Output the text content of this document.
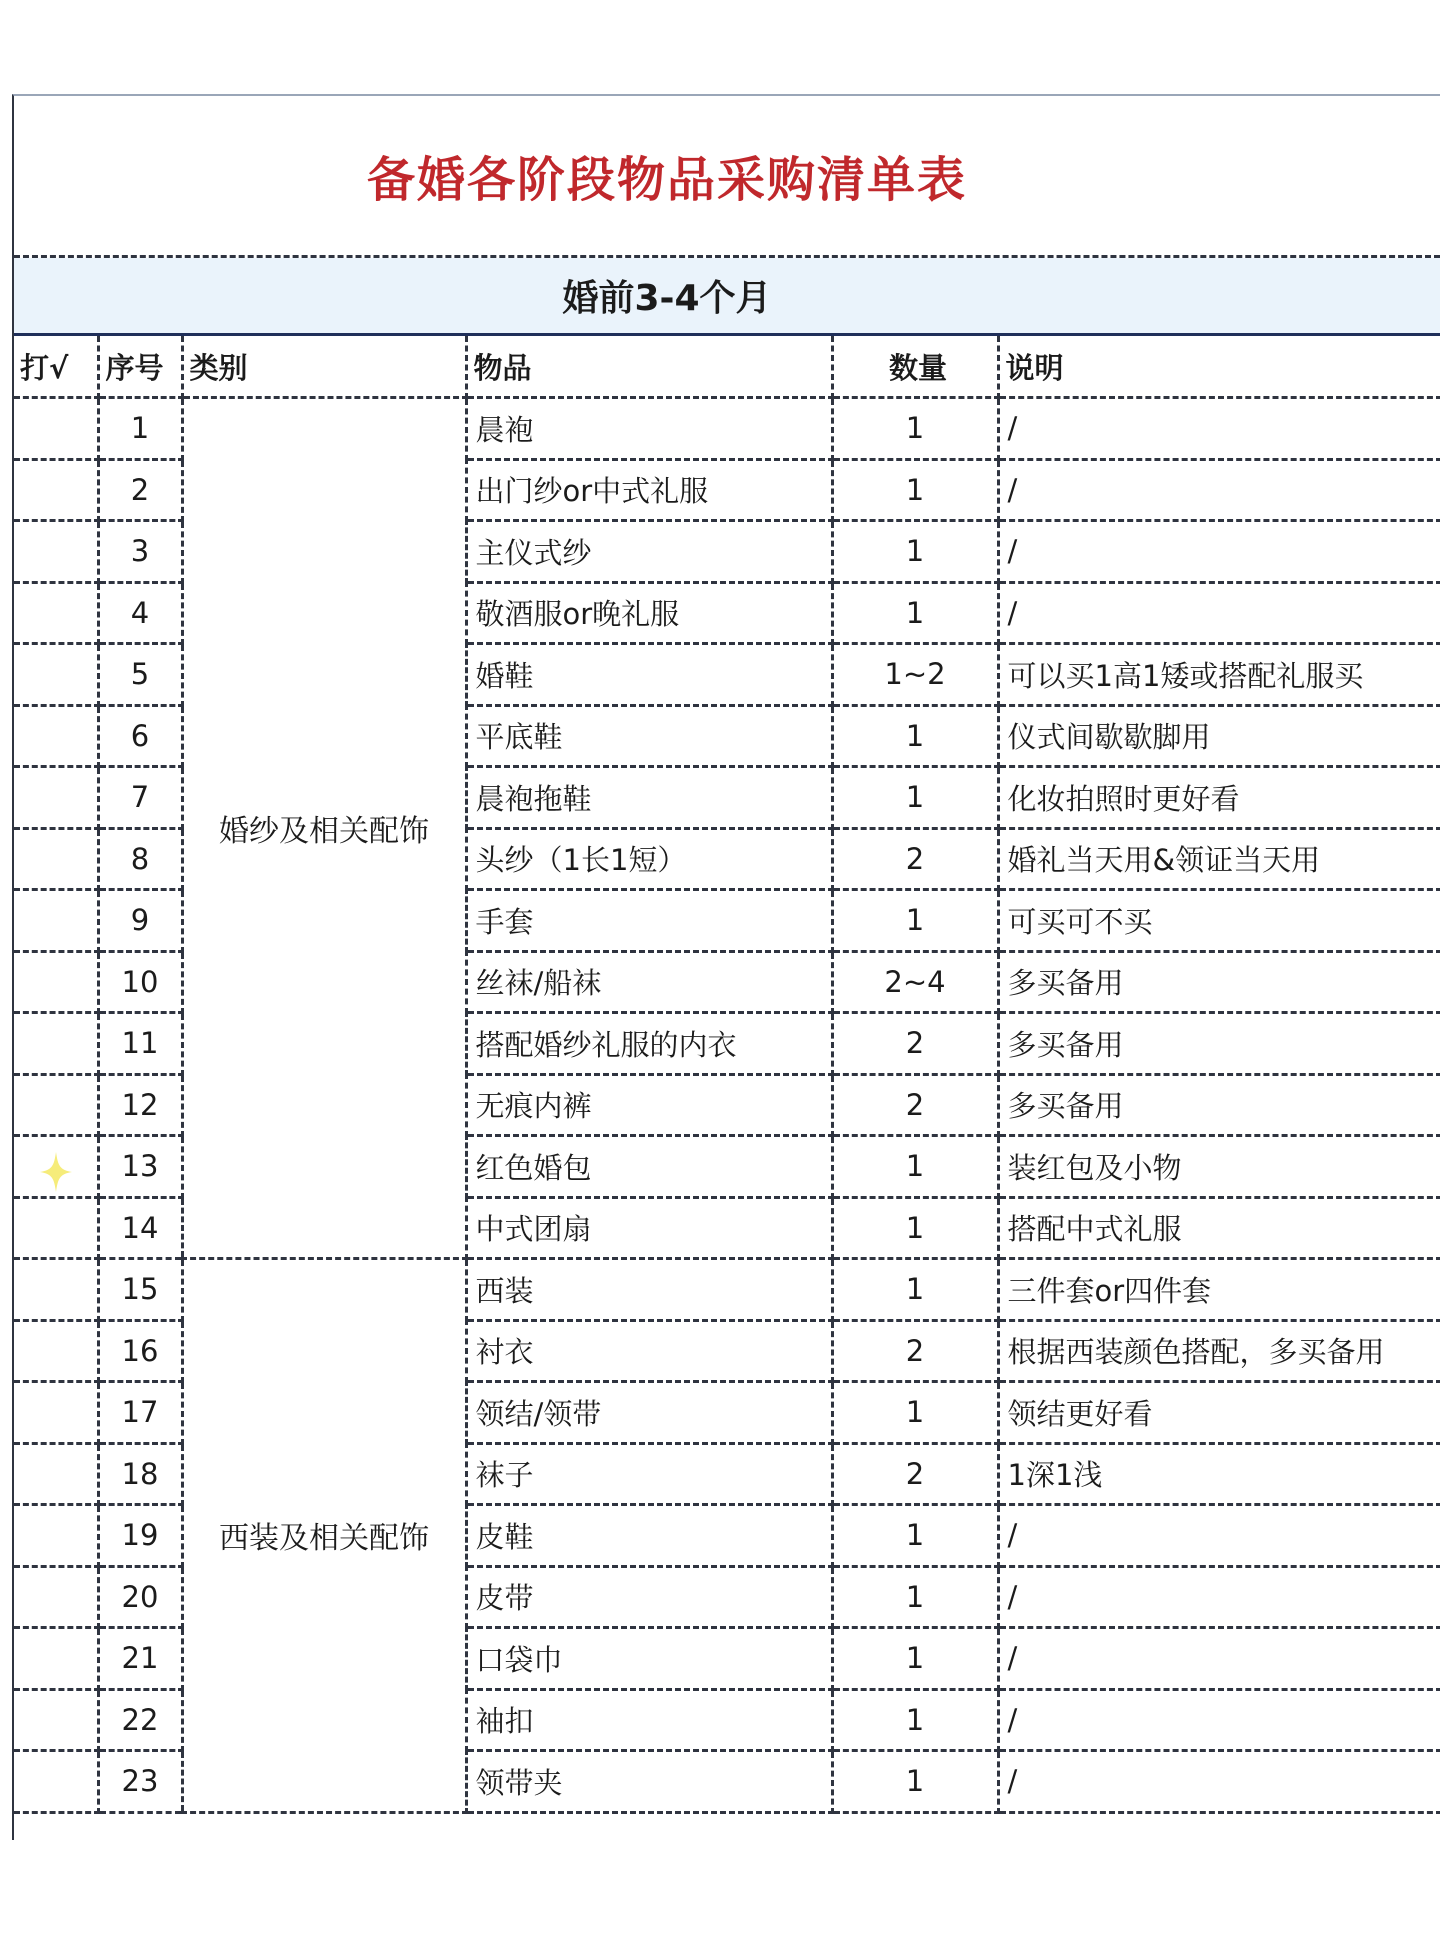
备婚各阶段物品采购清单表
婚前3-4个月
打√	序号	类别	物品	数量	说明
	1	婚纱及相关配饰	晨袍	1	/
	2		出门纱or中式礼服	1	/
	3		主仪式纱	1	/
	4		敬酒服or晚礼服	1	/
	5		婚鞋	1~2	可以买1高1矮或搭配礼服买
	6		平底鞋	1	仪式间歇歇脚用
	7		晨袍拖鞋	1	化妆拍照时更好看
	8		头纱（1长1短）	2	婚礼当天用&领证当天用
	9		手套	1	可买可不买
	10		丝袜/船袜	2~4	多买备用
	11		搭配婚纱礼服的内衣	2	多买备用
	12		无痕内裤	2	多买备用
	13		红色婚包	1	装红包及小物
	14		中式团扇	1	搭配中式礼服
	15	西装及相关配饰	西装	1	三件套or四件套
	16		衬衣	2	根据西装颜色搭配，多买备用
	17		领结/领带	1	领结更好看
	18		袜子	2	1深1浅
	19		皮鞋	1	/
	20		皮带	1	/
	21		口袋巾	1	/
	22		袖扣	1	/
	23		领带夹	1	/
